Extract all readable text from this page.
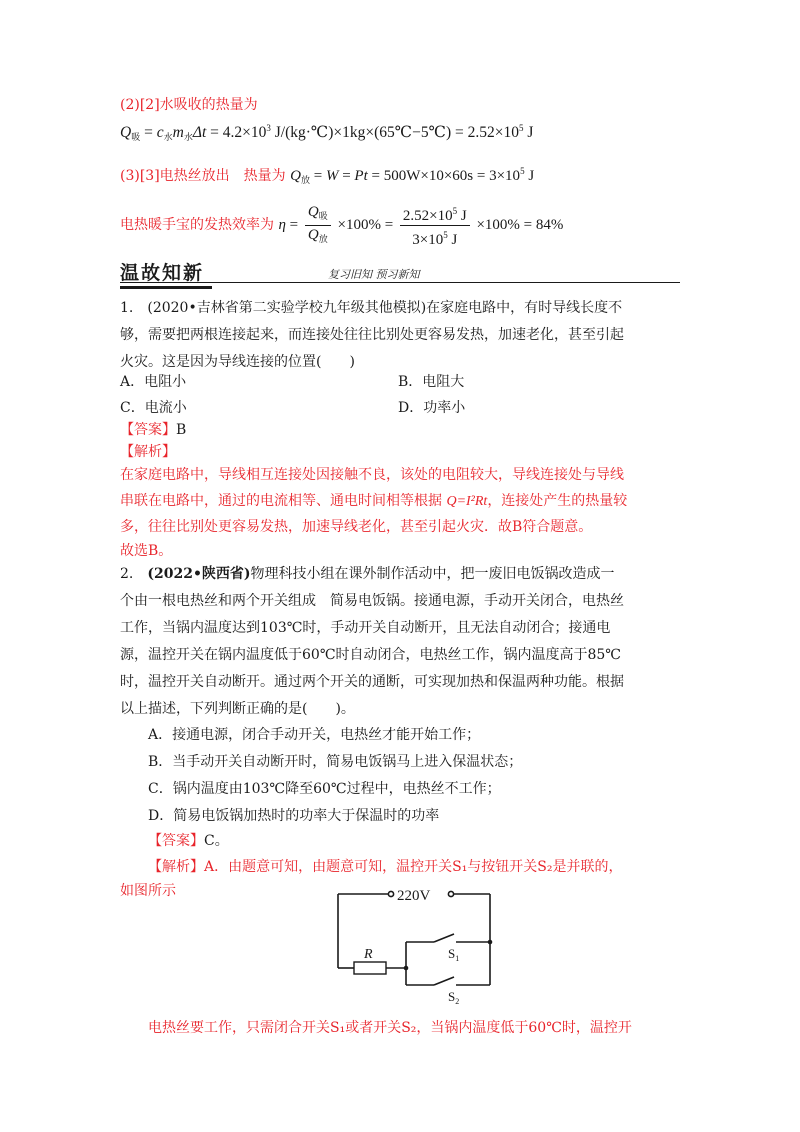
(2)[2]水吸收的热量为
$Q_吸 = c_水m_水\Delta t = 4.2\times 10^3$ J/(kg·℃)×1kg×(65℃−5℃) = $2.52\times 10^5$ J
(3)[3]电热丝放出　热量为 $Q_放 = W = Pt = 500W\times 10\times 60s = 3\times 10^5$ J
电热暖手宝的发热效率为 $\eta = \frac{Q_吸}{Q_放} \times 100\% = \frac{2.52\times 10^5 J}{3\times 10^5 J} \times 100\% = 84\%$
温故知新	复习旧知 预习新知
1.　(2020•吉林省第二实验学校九年级其他模拟)在家庭电路中，有时导线长度不
够，需要把两根连接起来，而连接处往往比别处更容易发热，加速老化，甚至引起
火灾。这是因为导线连接的位置(　　)
A．电阻小	B．电阻大
C．电流小	D．功率小
【答案】B
【解析】
在家庭电路中，导线相互连接处因接触不良，该处的电阻较大，导线连接处与导线
串联在电路中，通过的电流相等、通电时间相等根据 Q=I²Rt，连接处产生的热量较
多，往往比别处更容易发热，加速导线老化，甚至引起火灾．故B符合题意。
故选B。
2.　(2022•陕西省)物理科技小组在课外制作活动中，把一废旧电饭锅改造成一
个由一根电热丝和两个开关组成　简易电饭锅。接通电源，手动开关闭合，电热丝
工作，当锅内温度达到103℃时，手动开关自动断开，且无法自动闭合；接通电
源，温控开关在锅内温度低于60℃时自动闭合，电热丝工作，锅内温度高于85℃
时，温控开关自动断开。通过两个开关的通断，可实现加热和保温两种功能。根据
以上描述，下列判断正确的是(　　)。
A．接通电源，闭合手动开关，电热丝才能开始工作；
B．当手动开关自动断开时，简易电饭锅马上进入保温状态；
C．锅内温度由103℃降至60℃过程中，电热丝不工作；
D．简易电饭锅加热时的功率大于保温时的功率
【答案】C。
【解析】A．由题意可知，由题意可知，温控开关S₁与按钮开关S₂是并联的，
如图所示	220V
R	$S_1$
$S_2$
电热丝要工作，只需闭合开关S₁或者开关S₂，当锅内温度低于60℃时，温控开
